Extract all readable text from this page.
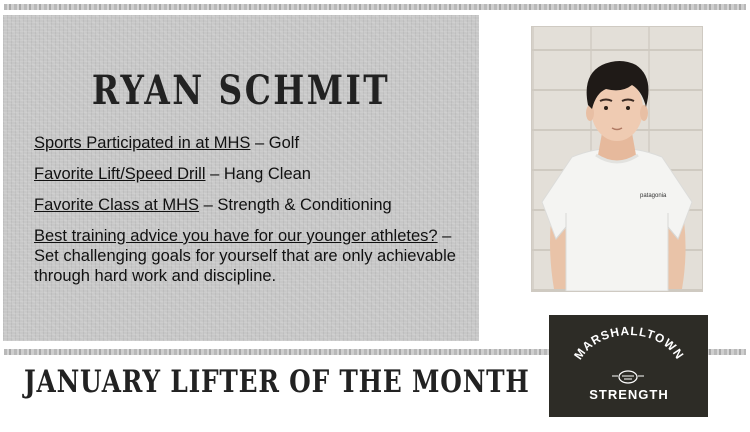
RYAN SCHMIT

Sports Participated in at MHS – Golf

Favorite Lift/Speed Drill – Hang Clean

Favorite Class at MHS – Strength & Conditioning

Best training advice you have for our younger athletes? – Set challenging goals for yourself that are only achievable through hard work and discipline.

patagonia
JANUARY LIFTER OF THE MONTH
MARSHALLTOWN
STRENGTH
